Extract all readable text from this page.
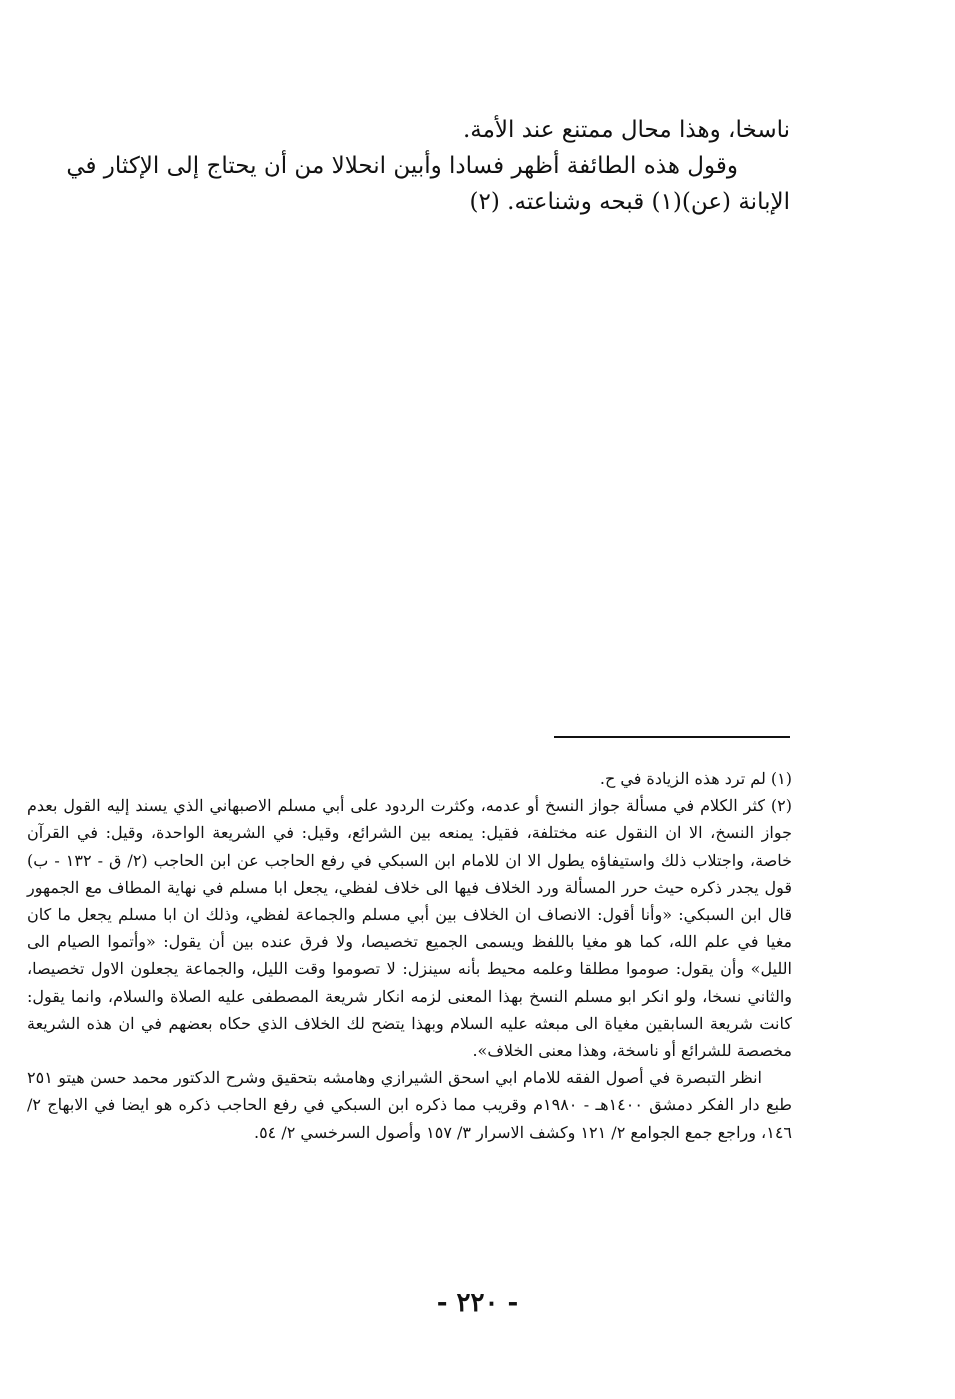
ناسخا، وهذا محال ممتنع عند الأمة.

وقول هذه الطائفة أظهر فسادا وأبين انحلالا من أن يحتاج إلى الإكثار في الإبانة (عن)(١) قبحه وشناعته. (٢)

(١) لم ترد هذه الزيادة في ح.

(٢) كثر الكلام في مسألة جواز النسخ أو عدمه، وكثرت الردود على أبي مسلم الاصبهاني الذي يسند إليه القول بعدم جواز النسخ، الا ان النقول عنه مختلفة، فقيل: يمنعه بين الشرائع، وقيل: في الشريعة الواحدة، وقيل: في القرآن خاصة، واجتلاب ذلك واستيفاؤه يطول الا ان للامام ابن السبكي في رفع الحاجب عن ابن الحاجب (٢/ ق - ١٣٢ - ب) قول يجدر ذكره حيث حرر المسألة ورد الخلاف فيها الى خلاف لفظي، يجعل ابا مسلم في نهاية المطاف مع الجمهور قال ابن السبكي: «وأنا أقول: الانصاف ان الخلاف بين أبي مسلم والجماعة لفظي، وذلك ان ابا مسلم يجعل ما كان مغيا في علم الله، كما هو مغيا باللفظ ويسمى الجميع تخصيصا، ولا فرق عنده بين أن يقول: «وأتموا الصيام الى الليل» وأن يقول: صوموا مطلقا وعلمه محيط بأنه سينزل: لا تصوموا وقت الليل، والجماعة يجعلون الاول تخصيصا، والثاني نسخا، ولو انكر ابو مسلم النسخ بهذا المعنى لزمه انكار شريعة المصطفى عليه الصلاة والسلام، وانما يقول: كانت شريعة السابقين مغياة الى مبعثه عليه السلام وبهذا يتضح لك الخلاف الذي حكاه بعضهم في ان هذه الشريعة مخصصة للشرائع أو ناسخة، وهذا معنى الخلاف».

انظر التبصرة في أصول الفقه للامام ابي اسحق الشيرازي وهامشه بتحقيق وشرح الدكتور محمد حسن هيتو ٢٥١ طبع دار الفكر دمشق ١٤٠٠هـ - ١٩٨٠م وقريب مما ذكره ابن السبكي في رفع الحاجب ذكره هو ايضا في الابهاج ٢/ ١٤٦، وراجع جمع الجوامع ٢/ ١٢١ وكشف الاسرار ٣/ ١٥٧ وأصول السرخسي ٢/ ٥٤.

- ٢٢٠ -
